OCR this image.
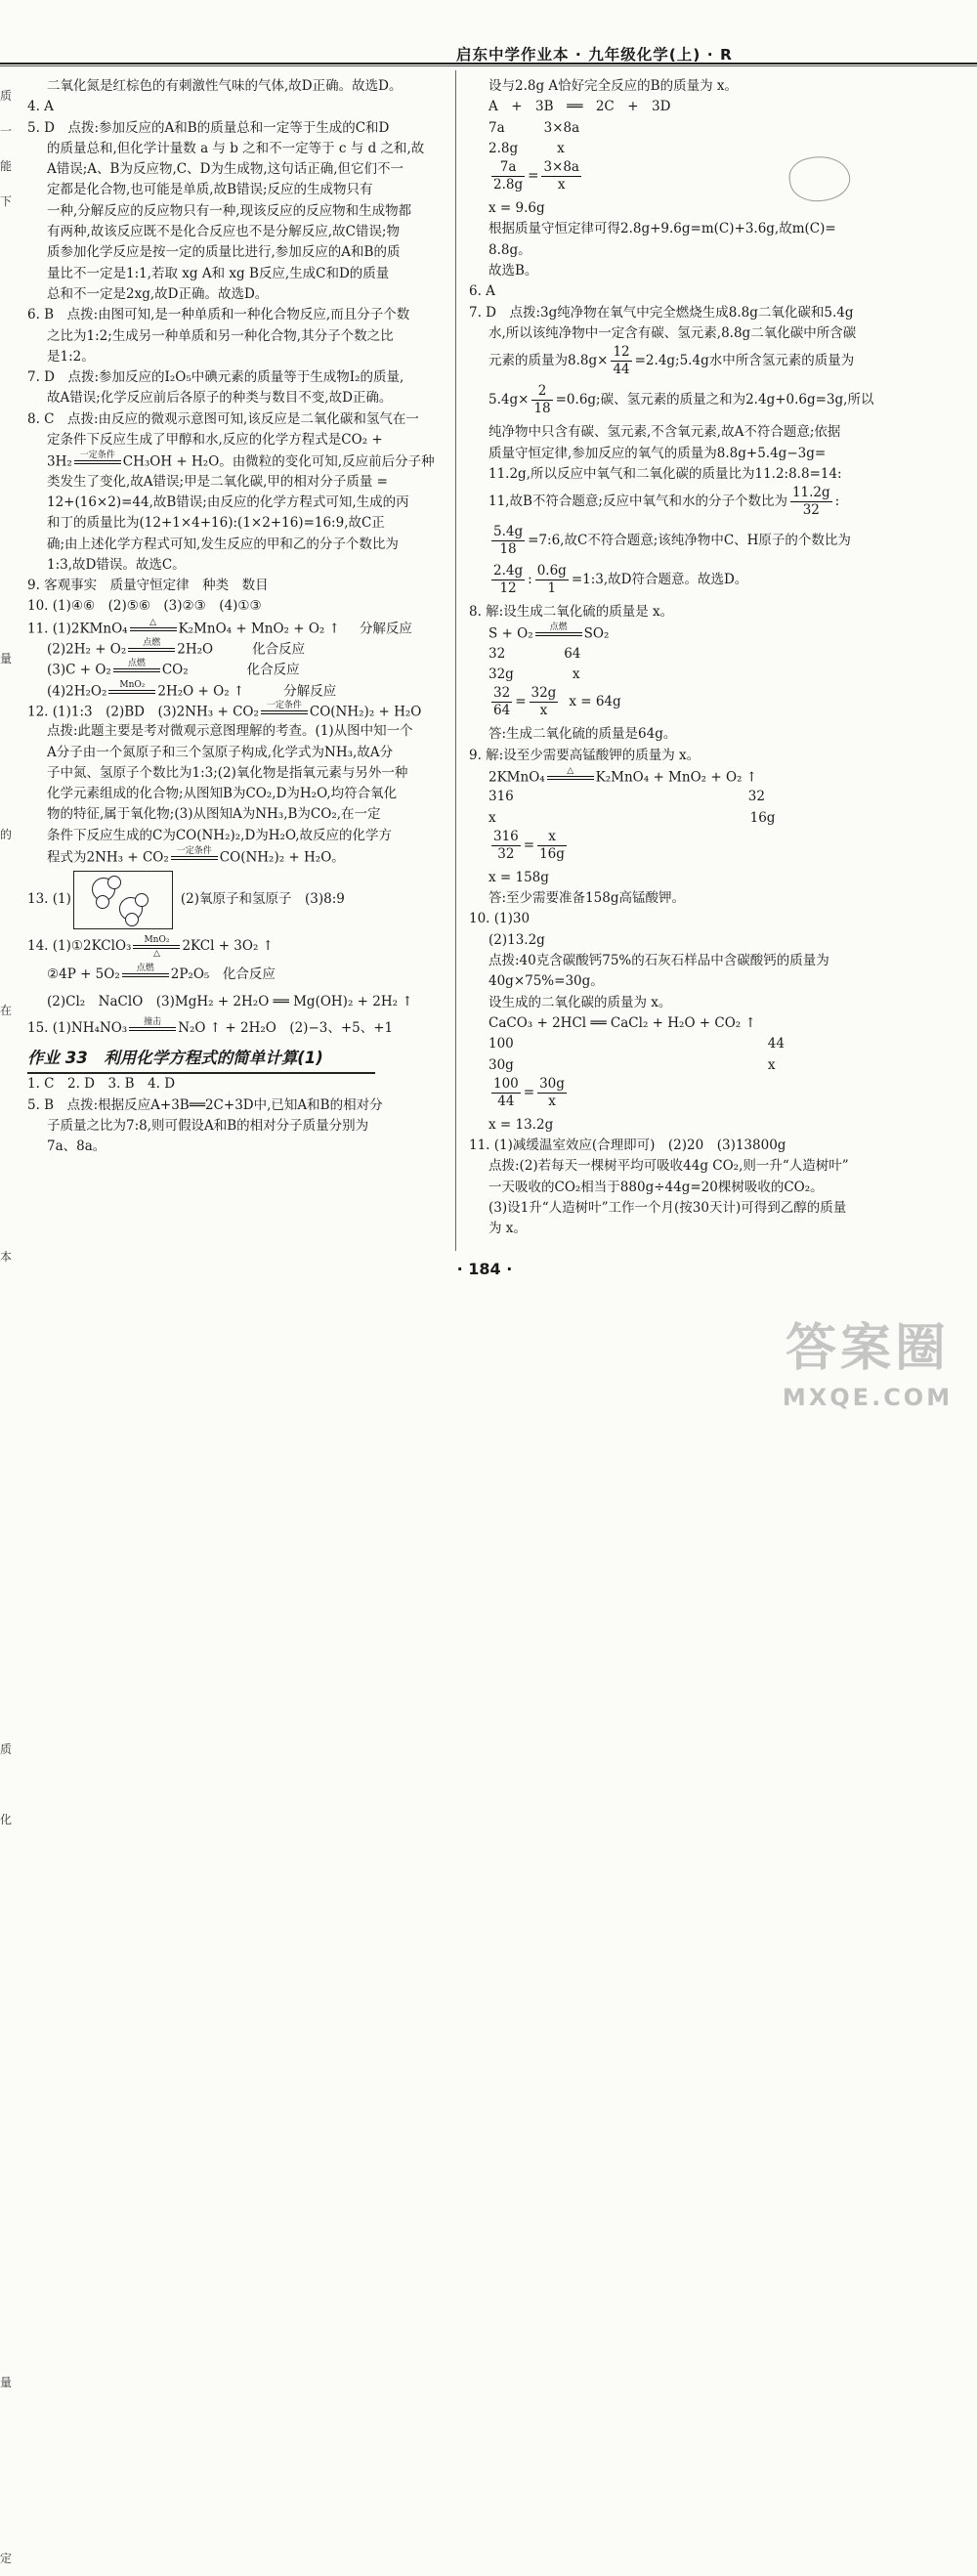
启东中学作业本 · 九年级化学(上) · R
质
一
能
下

量

的

在

本

质

化

量

定
二氧化氮是红棕色的有刺激性气味的气体,故D正确。故选D。
4. A
5. D　点拨:参加反应的A和B的质量总和一定等于生成的C和D
的质量总和,但化学计量数 a 与 b 之和不一定等于 c 与 d 之和,故
A错误;A、B为反应物,C、D为生成物,这句话正确,但它们不一
定都是化合物,也可能是单质,故B错误;反应的生成物只有
一种,分解反应的反应物只有一种,现该反应的反应物和生成物都
有两种,故该反应既不是化合反应也不是分解反应,故C错误;物
质参加化学反应是按一定的质量比进行,参加反应的A和B的质
量比不一定是1:1,若取 xg A和 xg B反应,生成C和D的质量
总和不一定是2xg,故D正确。故选D。
6. B　点拨:由图可知,是一种单质和一种化合物反应,而且分子个数
之比为1:2;生成另一种单质和另一种化合物,其分子个数之比
是1:2。
7. D　点拨:参加反应的I₂O₅中碘元素的质量等于生成物I₂的质量,
故A错误;化学反应前后各原子的种类与数目不变,故D正确。
8. C　点拨:由反应的微观示意图可知,该反应是二氧化碳和氢气在一
定条件下反应生成了甲醇和水,反应的化学方程式是CO₂ +
3H₂ 一定条件 CH₃OH + H₂O。由微粒的变化可知,反应前后分子种
类发生了变化,故A错误;甲是二氧化碳,甲的相对分子质量 =
12+(16×2)=44,故B错误;由反应的化学方程式可知,生成的丙
和丁的质量比为(12+1×4+16):(1×2+16)=16:9,故C正
确;由上述化学方程式可知,发生反应的甲和乙的分子个数比为
1:3,故D错误。故选C。
9. 客观事实　质量守恒定律　种类　数目
10. (1)④⑥　(2)⑤⑥　(3)②③　(4)①③
11. (1)2KMnO₄	△	K₂MnO₄ + MnO₂ + O₂ ↑ 分解反应
(2)2H₂ + O₂	点燃	2H₂O	化合反应
(3)C + O₂	点燃	CO₂	化合反应
(4)2H₂O₂	MnO₂ 2H₂O + O₂ ↑	分解反应
12. (1)1:3　(2)BD　(3)2NH₃ + CO₂ 一定条件 CO(NH₂)₂ + H₂O
点拨:此题主要是考对微观示意图理解的考查。(1)从图中知一个
A分子由一个氮原子和三个氢原子构成,化学式为NH₃,故A分
子中氮、氢原子个数比为1:3;(2)氧化物是指氧元素与另外一种
化学元素组成的化合物;从图知B为CO₂,D为H₂O,均符合氧化
物的特征,属于氧化物;(3)从图知A为NH₃,B为CO₂,在一定
条件下反应生成的C为CO(NH₂)₂,D为H₂O,故反应的化学方
程式为2NH₃ + CO₂ 一定条件 CO(NH₂)₂ + H₂O。
13. (1)	(2)氧原子和氢原子　(3)8:9
14. (1)①2KClO₃	MnO₂
△	2KCl + 3O₂ ↑
②4P + 5O₂	点燃	2P₂O₅　化合反应
(2)Cl₂　NaClO　(3)MgH₂ + 2H₂O ══ Mg(OH)₂ + 2H₂ ↑
15. (1)NH₄NO₃	撞击	N₂O ↑ + 2H₂O　(2)−3、+5、+1
作业 33　利用化学方程式的简单计算(1)
1. C　2. D　3. B　4. D
5. B　点拨:根据反应A+3B══2C+3D中,已知A和B的相对分
子质量之比为7:8,则可假设A和B的相对分子质量分别为
7a、8a。
设与2.8g A恰好完全反应的B的质量为 x。
A　+　3B　══　2C　+　3D
7a	3×8a
2.8g	x
$\frac{7a}{2.8g} = \frac{3\times 8a}{x}$
x = 9.6g
根据质量守恒定律可得2.8g+9.6g=m(C)+3.6g,故m(C)=
8.8g。
故选B。
6. A
7. D　点拨:3g纯净物在氧气中完全燃烧生成8.8g二氧化碳和5.4g
水,所以该纯净物中一定含有碳、氢元素,8.8g二氧化碳中所含碳
元素的质量为$8.8g\times \frac{12}{44}$ =2.4g;5.4g水中所含氢元素的质量为
$5.4g\times \frac{2}{18} =0.6g$;碳、氢元素的质量之和为2.4g+0.6g=3g,所以
纯净物中只含有碳、氢元素,不含氧元素,故A不符合题意;依据
质量守恒定律,参加反应的氧气的质量为8.8g+5.4g−3g=
11.2g,所以反应中氧气和二氧化碳的质量比为11.2:8.8=14:
11,故B不符合题意;反应中氧气和水的分子个数比为 $\frac{11.2g}{32}$ :
$\frac{5.4g}{18}$ =7:6,故C不符合题意;该纯净物中C、H原子的个数比为
$\frac{2.4g}{12}$ : $\frac{0.6g}{1}$ =1:3,故D符合题意。故选D。
8. 解:设生成二氧化硫的质量是 x。
S + O₂	点燃	SO₂
32	64
32g	x
$\frac{32}{64} = \frac{32g}{x}$ x = 64g
答:生成二氧化硫的质量是64g。
9. 解:设至少需要高锰酸钾的质量为 x。
2KMnO₄	△	K₂MnO₄ + MnO₂ + O₂ ↑
316	32
x	16g
$\frac{316}{32} = \frac{x}{16g}$
x = 158g
答:至少需要准备158g高锰酸钾。
10. (1)30
(2)13.2g
点拨:40克含碳酸钙75%的石灰石样品中含碳酸钙的质量为
40g×75%=30g。
设生成的二氧化碳的质量为 x。
CaCO₃ + 2HCl ══ CaCl₂ + H₂O + CO₂ ↑
100	44
30g	x
$\frac{100}{44} = \frac{30g}{x}$
x = 13.2g
11. (1)减缓温室效应(合理即可)　(2)20　(3)13800g
点拨:(2)若每天一棵树平均可吸收44g CO₂,则一升“人造树叶”
一天吸收的CO₂相当于880g÷44g=20棵树吸收的CO₂。
(3)设1升“人造树叶”工作一个月(按30天计)可得到乙醇的质量
为 x。
· 184 ·
答案圈
MXQE.COM
